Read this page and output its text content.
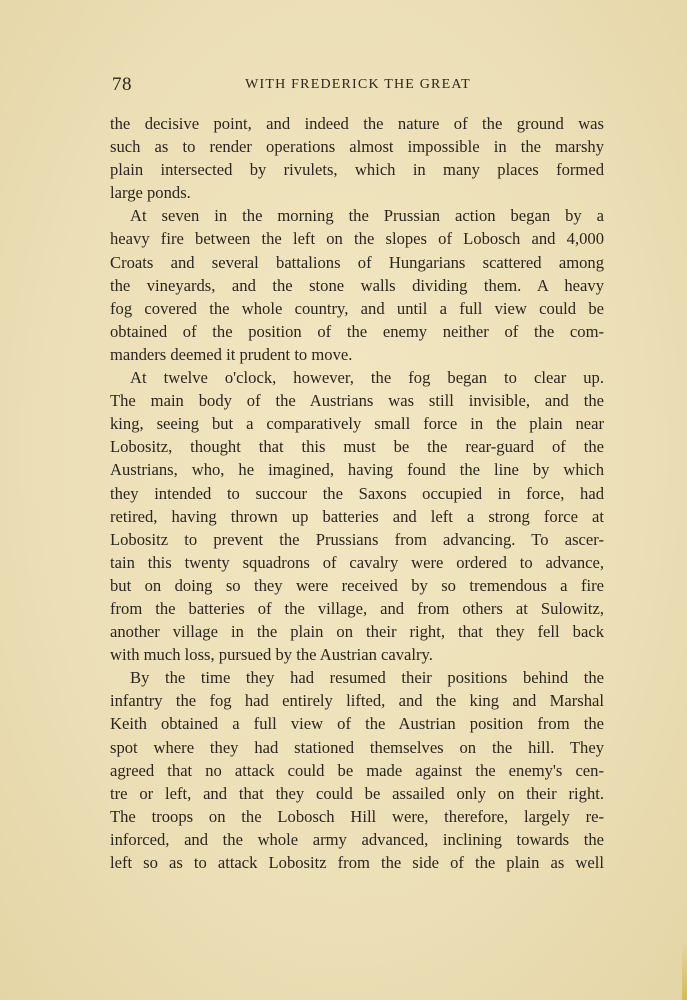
78	WITH FREDERICK THE GREAT
the decisive point, and indeed the nature of the ground was
such as to render operations almost impossible in the marshy
plain intersected by rivulets, which in many places formed
large ponds.
At seven in the morning the Prussian action began by a
heavy fire between the left on the slopes of Lobosch and 4,000
Croats and several battalions of Hungarians scattered among
the vineyards, and the stone walls dividing them. A heavy
fog covered the whole country, and until a full view could be
obtained of the position of the enemy neither of the com-
manders deemed it prudent to move.
At twelve o'clock, however, the fog began to clear up.
The main body of the Austrians was still invisible, and the
king, seeing but a comparatively small force in the plain near
Lobositz, thought that this must be the rear-guard of the
Austrians, who, he imagined, having found the line by which
they intended to succour the Saxons occupied in force, had
retired, having thrown up batteries and left a strong force at
Lobositz to prevent the Prussians from advancing. To ascer-
tain this twenty squadrons of cavalry were ordered to advance,
but on doing so they were received by so tremendous a fire
from the batteries of the village, and from others at Sulowitz,
another village in the plain on their right, that they fell back
with much loss, pursued by the Austrian cavalry.
By the time they had resumed their positions behind the
infantry the fog had entirely lifted, and the king and Marshal
Keith obtained a full view of the Austrian position from the
spot where they had stationed themselves on the hill. They
agreed that no attack could be made against the enemy's cen-
tre or left, and that they could be assailed only on their right.
The troops on the Lobosch Hill were, therefore, largely re-
inforced, and the whole army advanced, inclining towards the
left so as to attack Lobositz from the side of the plain as well
